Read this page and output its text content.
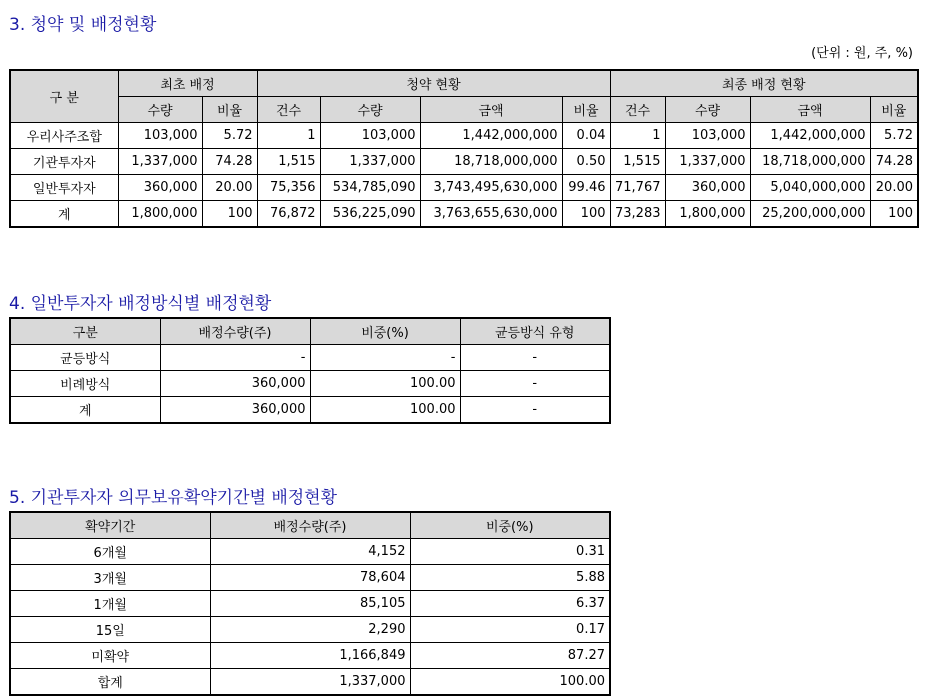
3. 청약 및 배정현황
(단위 : 원, 주, %)
구 분	최초 배정		청약 현황				최종 배정 현황			
	수량	비율	건수	수량	금액	비율	건수	수량	금액	비율
우리사주조합	103,000	5.72	1	103,000	1,442,000,000	0.04	1	103,000	1,442,000,000	5.72
기관투자자	1,337,000	74.28	1,515	1,337,000	18,718,000,000	0.50	1,515	1,337,000	18,718,000,000	74.28
일반투자자	360,000	20.00	75,356	534,785,090	3,743,495,630,000	99.46	71,767	360,000	5,040,000,000	20.00
계	1,800,000	100	76,872	536,225,090	3,763,655,630,000	100	73,283	1,800,000	25,200,000,000	100
4. 일반투자자 배정방식별 배정현황
구분	배정수량(주)	비중(%)	균등방식 유형
균등방식	-	-	-
비례방식	360,000	100.00	-
계	360,000	100.00	-
5. 기관투자자 의무보유확약기간별 배정현황
확약기간	배정수량(주)	비중(%)
6개월	4,152	0.31
3개월	78,604	5.88
1개월	85,105	6.37
15일	2,290	0.17
미확약	1,166,849	87.27
합계	1,337,000	100.00
